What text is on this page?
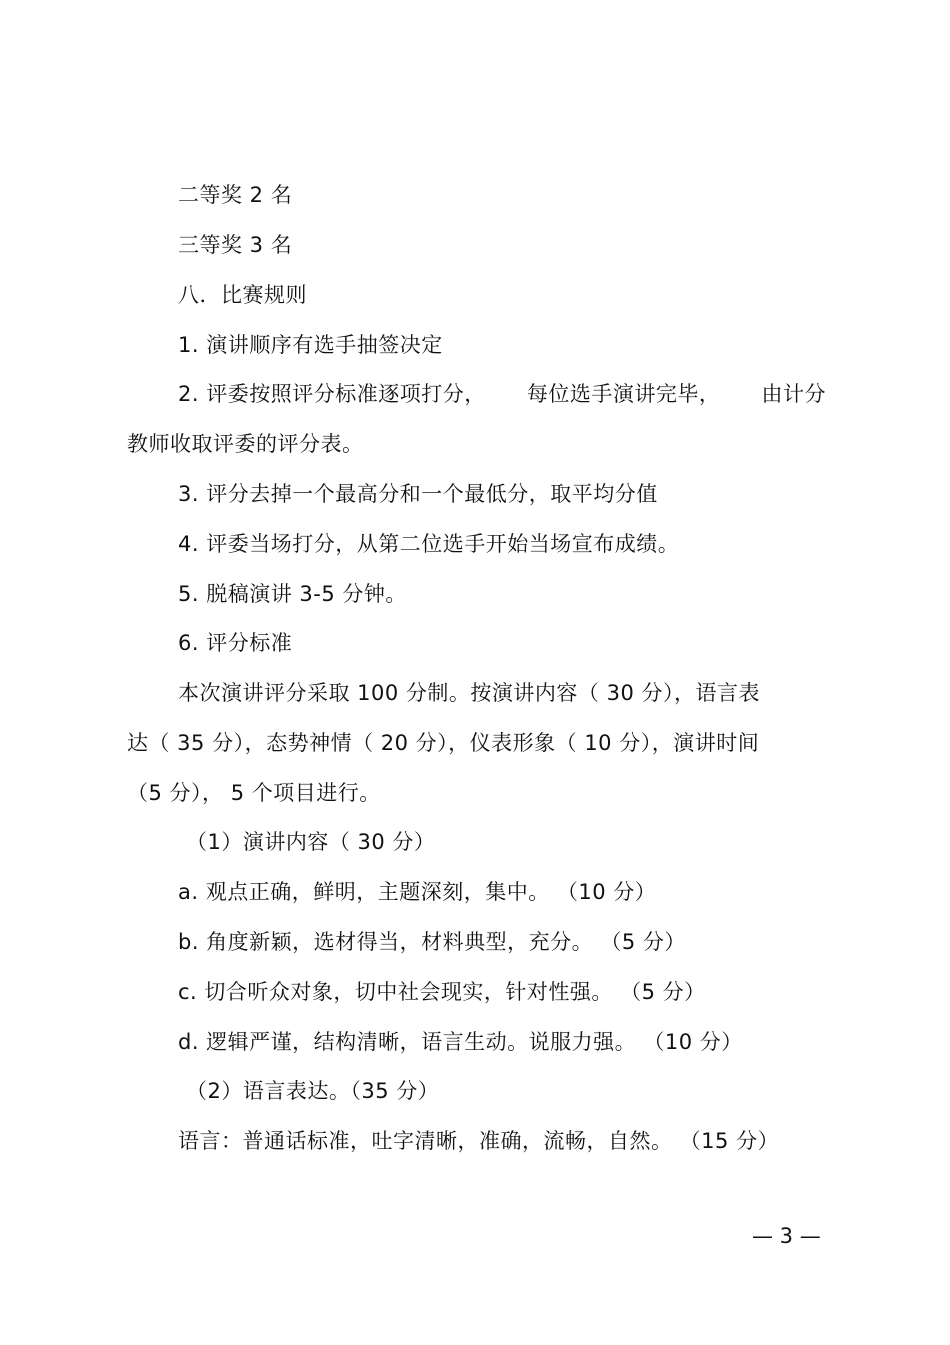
二等奖 2 名
三等奖 3 名
八．比赛规则
1. 演讲顺序有选手抽签决定
2. 评委按照评分标准逐项打分， 每位选手演讲完毕， 由计分
教师收取评委的评分表。
3. 评分去掉一个最高分和一个最低分，取平均分值
4. 评委当场打分，从第二位选手开始当场宣布成绩。
5. 脱稿演讲 3-5 分钟。
6. 评分标准
本次演讲评分采取 100 分制。按演讲内容（ 30 分），语言表
达（ 35 分），态势神情（ 20 分），仪表形象（ 10 分），演讲时间
（5 分）， 5 个项目进行。
（1）演讲内容（ 30 分）
a. 观点正确，鲜明，主题深刻，集中。 （10 分）
b. 角度新颖，选材得当，材料典型，充分。 （5 分）
c. 切合听众对象，切中社会现实，针对性强。 （5 分）
d. 逻辑严谨，结构清晰，语言生动。说服力强。 （10 分）
（2）语言表达。（35 分）
语言：普通话标准，吐字清晰，准确，流畅，自然。 （15 分）
— 3 —
